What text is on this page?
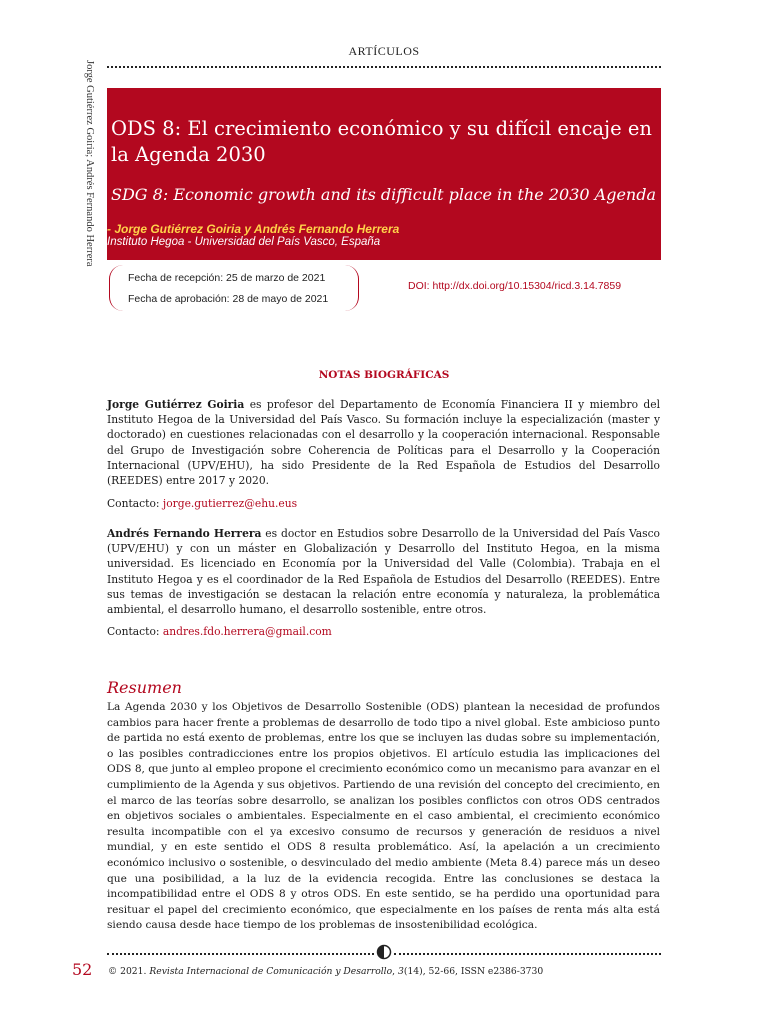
ARTÍCULOS
Jorge Gutiérrez Goiria; Andrés Fernando Herrera ODS 8: El crecimiento económico y su difícil encaje en la Agenda 2030
SDG 8: Economic growth and its difficult place in the 2030 Agenda
- Jorge Gutiérrez Goiria y Andrés Fernando Herrera
Instituto Hegoa - Universidad del País Vasco, España
Fecha de recepción: 25 de marzo de 2021
Fecha de aprobación: 28 de mayo de 2021
DOI: http://dx.doi.org/10.15304/ricd.3.14.7859
NOTAS BIOGRÁFICAS
Jorge Gutiérrez Goiria es profesor del Departamento de Economía Financiera II y miembro del Instituto Hegoa de la Universidad del País Vasco. Su formación incluye la especialización (master y doctorado) en cuestiones relacionadas con el desarrollo y la cooperación internacional. Responsable del Grupo de Investigación sobre Coherencia de Políticas para el Desarrollo y la Cooperación Internacional (UPV/EHU), ha sido Presidente de la Red Española de Estudios del Desarrollo (REEDES) entre 2017 y 2020.
Contacto: jorge.gutierrez@ehu.eus
Andrés Fernando Herrera es doctor en Estudios sobre Desarrollo de la Universidad del País Vasco (UPV/EHU) y con un máster en Globalización y Desarrollo del Instituto Hegoa, en la misma universidad. Es licenciado en Economía por la Universidad del Valle (Colombia). Trabaja en el Instituto Hegoa y es el coordinador de la Red Española de Estudios del Desarrollo (REEDES). Entre sus temas de investigación se destacan la relación entre economía y naturaleza, la problemática ambiental, el desarrollo humano, el desarrollo sostenible, entre otros.
Contacto: andres.fdo.herrera@gmail.com
Resumen
La Agenda 2030 y los Objetivos de Desarrollo Sostenible (ODS) plantean la necesidad de profundos cambios para hacer frente a problemas de desarrollo de todo tipo a nivel global. Este ambicioso punto de partida no está exento de problemas, entre los que se incluyen las dudas sobre su implementación, o las posibles contradicciones entre los propios objetivos. El artículo estudia las implicaciones del ODS 8, que junto al empleo propone el crecimiento económico como un mecanismo para avanzar en el cumplimiento de la Agenda y sus objetivos. Partiendo de una revisión del concepto del crecimiento, en el marco de las teorías sobre desarrollo, se analizan los posibles conflictos con otros ODS centrados en objetivos sociales o ambientales. Especialmente en el caso ambiental, el crecimiento económico resulta incompatible con el ya excesivo consumo de recursos y generación de residuos a nivel mundial, y en este sentido el ODS 8 resulta problemático. Así, la apelación a un crecimiento económico inclusivo o sostenible, o desvinculado del medio ambiente (Meta 8.4) parece más un deseo que una posibilidad, a la luz de la evidencia recogida. Entre las conclusiones se destaca la incompatibilidad entre el ODS 8 y otros ODS. En este sentido, se ha perdido una oportunidad para resituar el papel del crecimiento económico, que especialmente en los países de renta más alta está siendo causa desde hace tiempo de los problemas de insostenibilidad ecológica.
52 © 2021. Revista Internacional de Comunicación y Desarrollo, 3(14), 52-66, ISSN e2386-3730
